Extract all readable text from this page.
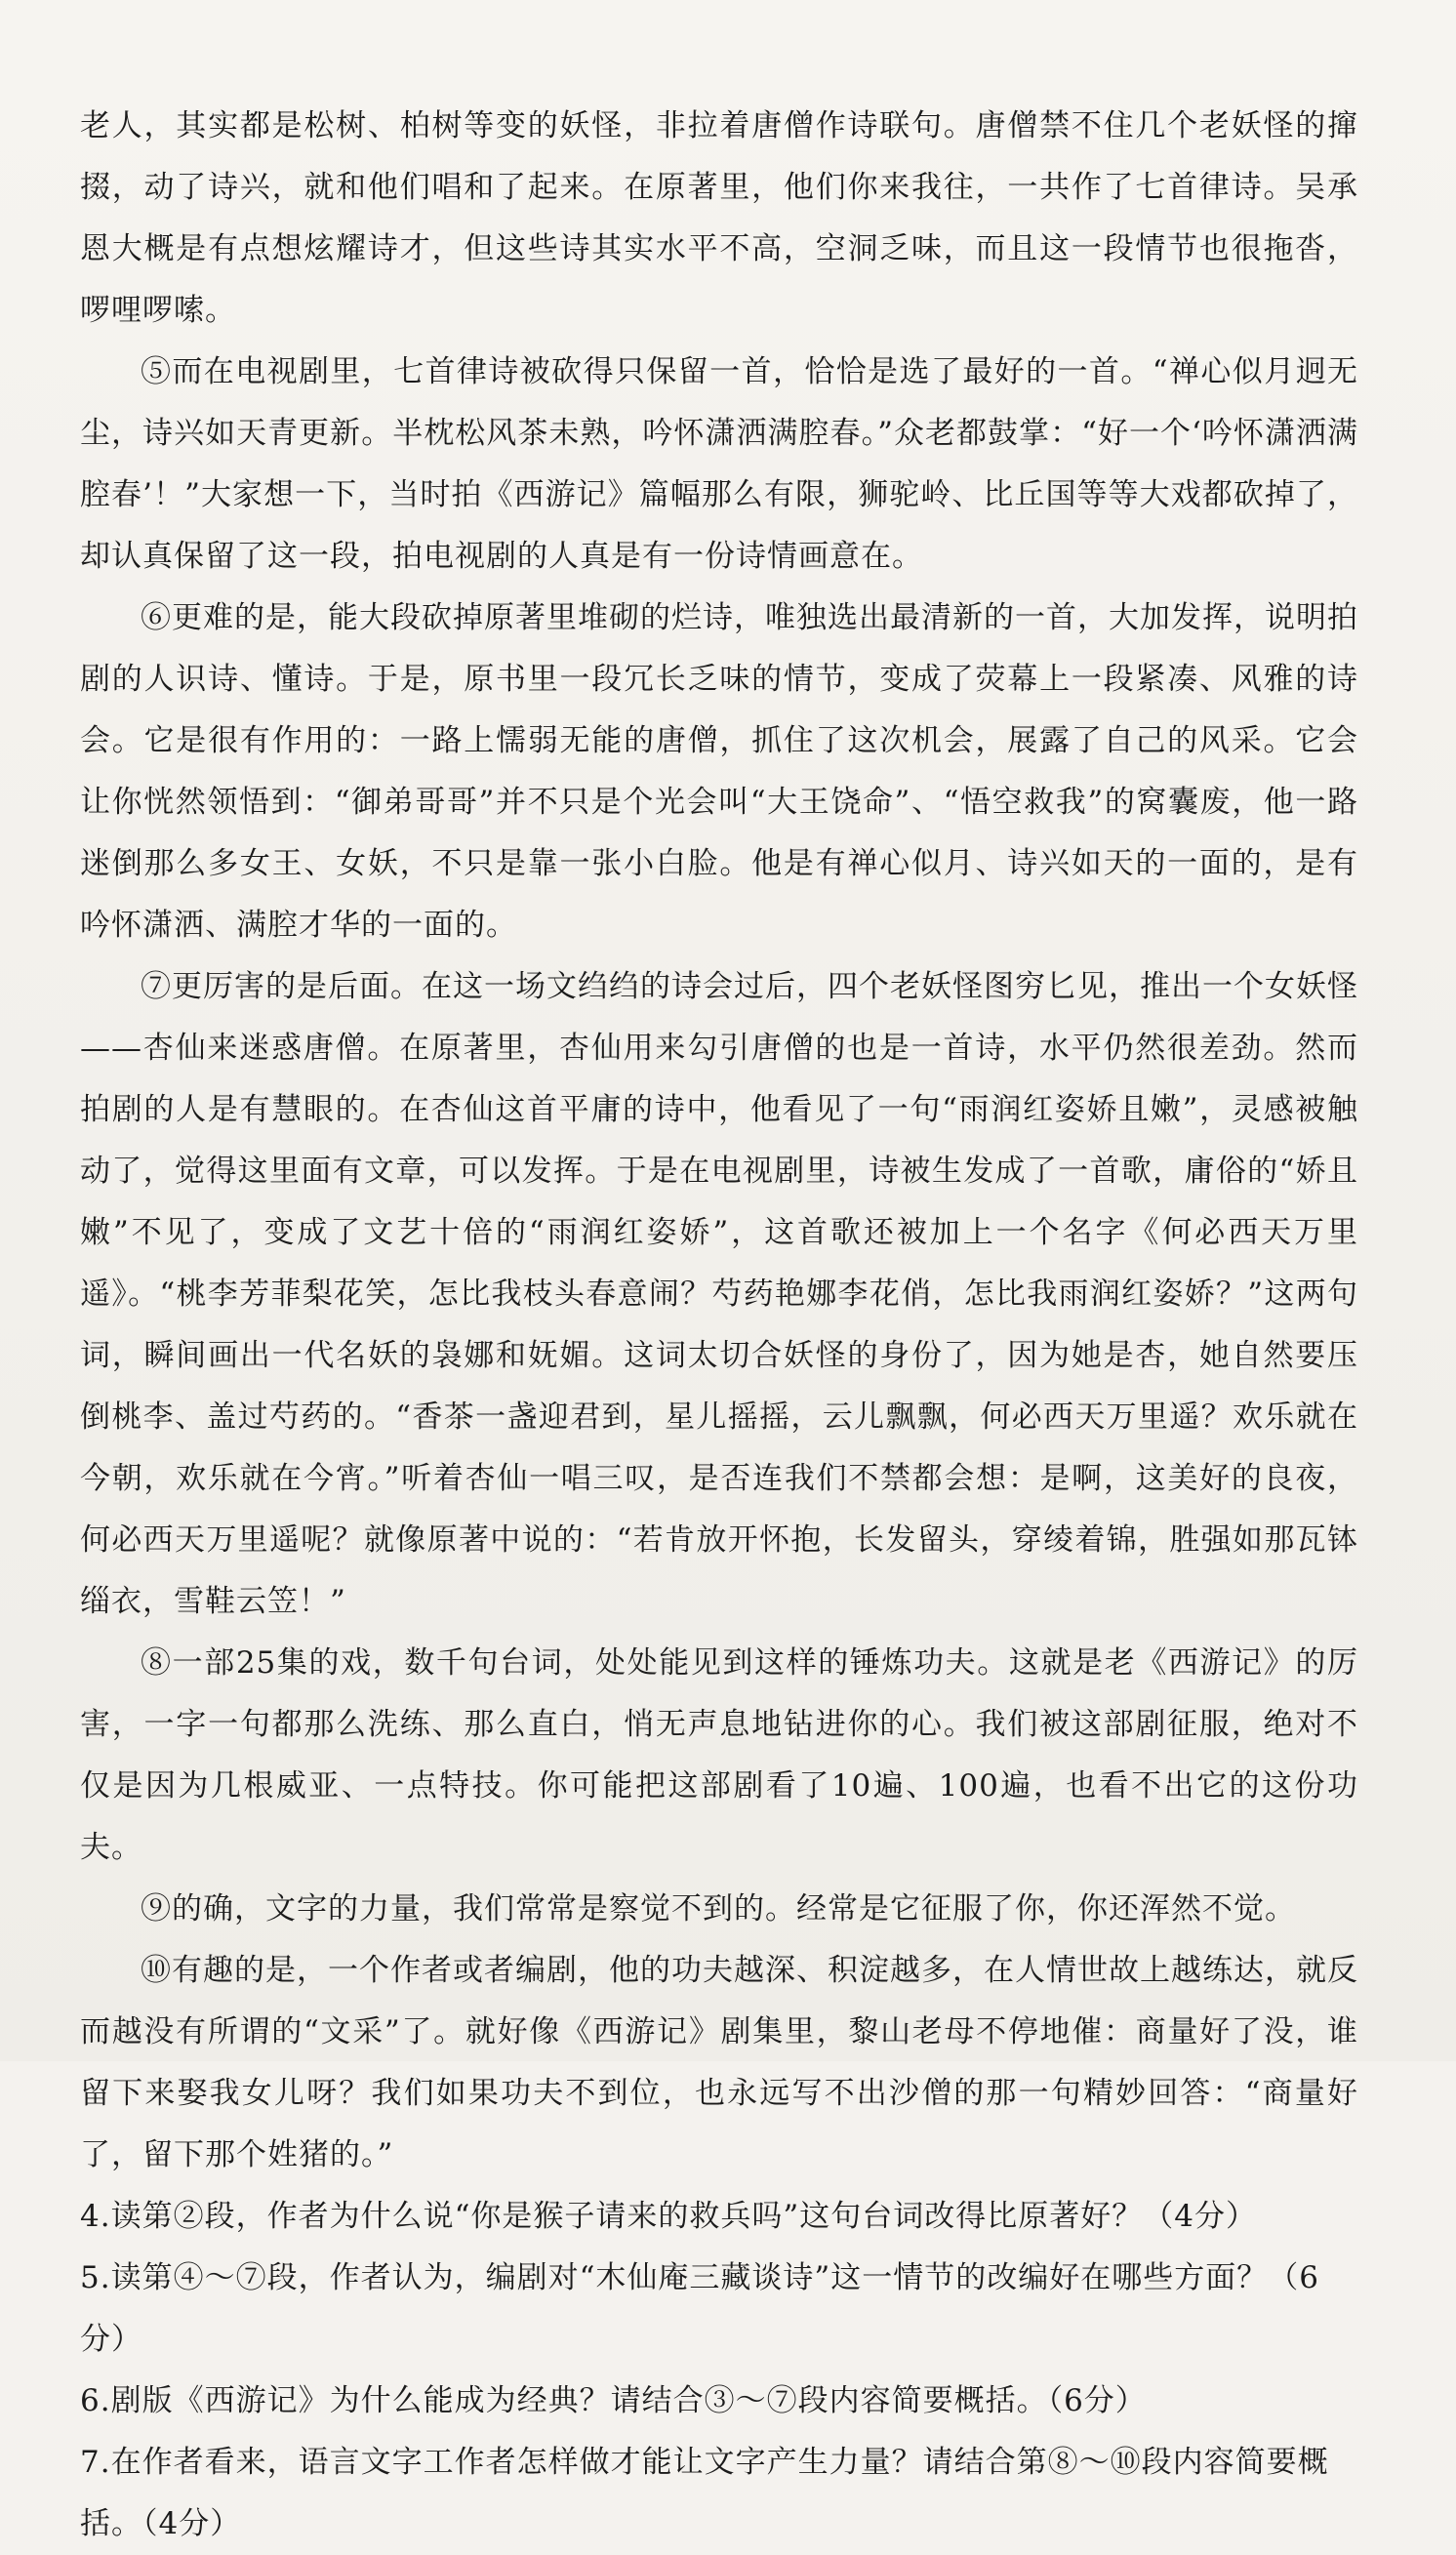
老人，其实都是松树、柏树等变的妖怪，非拉着唐僧作诗联句。唐僧禁不住几个老妖怪的撺掇，动了诗兴，就和他们唱和了起来。在原著里，他们你来我往，一共作了七首律诗。吴承恩大概是有点想炫耀诗才，但这些诗其实水平不高，空洞乏味，而且这一段情节也很拖沓，啰哩啰嗦。

⑤而在电视剧里，七首律诗被砍得只保留一首，恰恰是选了最好的一首。“禅心似月迥无尘，诗兴如天青更新。半枕松风茶未熟，吟怀潇洒满腔春。”众老都鼓掌：“好一个‘吟怀潇洒满腔春’！”大家想一下，当时拍《西游记》篇幅那么有限，狮驼岭、比丘国等等大戏都砍掉了，却认真保留了这一段，拍电视剧的人真是有一份诗情画意在。

⑥更难的是，能大段砍掉原著里堆砌的烂诗，唯独选出最清新的一首，大加发挥，说明拍剧的人识诗、懂诗。于是，原书里一段冗长乏味的情节，变成了荧幕上一段紧凑、风雅的诗会。它是很有作用的：一路上懦弱无能的唐僧，抓住了这次机会，展露了自己的风采。它会让你恍然领悟到：“御弟哥哥”并不只是个光会叫“大王饶命”、“悟空救我”的窝囊废，他一路迷倒那么多女王、女妖，不只是靠一张小白脸。他是有禅心似月、诗兴如天的一面的，是有吟怀潇洒、满腔才华的一面的。

⑦更厉害的是后面。在这一场文绉绉的诗会过后，四个老妖怪图穷匕见，推出一个女妖怪——杏仙来迷惑唐僧。在原著里，杏仙用来勾引唐僧的也是一首诗，水平仍然很差劲。然而拍剧的人是有慧眼的。在杏仙这首平庸的诗中，他看见了一句“雨润红姿娇且嫩”，灵感被触动了，觉得这里面有文章，可以发挥。于是在电视剧里，诗被生发成了一首歌，庸俗的“娇且嫩”不见了，变成了文艺十倍的“雨润红姿娇”，这首歌还被加上一个名字《何必西天万里遥》。“桃李芳菲梨花笑，怎比我枝头春意闹？芍药艳娜李花俏，怎比我雨润红姿娇？”这两句词，瞬间画出一代名妖的袅娜和妩媚。这词太切合妖怪的身份了，因为她是杏，她自然要压倒桃李、盖过芍药的。“香茶一盏迎君到，星儿摇摇，云儿飘飘，何必西天万里遥？欢乐就在今朝，欢乐就在今宵。”听着杏仙一唱三叹，是否连我们不禁都会想：是啊，这美好的良夜，何必西天万里遥呢？就像原著中说的：“若肯放开怀抱，长发留头，穿绫着锦，胜强如那瓦钵缁衣，雪鞋云笠！”

⑧一部25集的戏，数千句台词，处处能见到这样的锤炼功夫。这就是老《西游记》的厉害，一字一句都那么洗练、那么直白，悄无声息地钻进你的心。我们被这部剧征服，绝对不仅是因为几根威亚、一点特技。你可能把这部剧看了10遍、100遍，也看不出它的这份功夫。

⑨的确，文字的力量，我们常常是察觉不到的。经常是它征服了你，你还浑然不觉。

⑩有趣的是，一个作者或者编剧，他的功夫越深、积淀越多，在人情世故上越练达，就反而越没有所谓的“文采”了。就好像《西游记》剧集里，黎山老母不停地催：商量好了没，谁留下来娶我女儿呀？我们如果功夫不到位，也永远写不出沙僧的那一句精妙回答：“商量好了，留下那个姓猪的。”

4.读第②段，作者为什么说“你是猴子请来的救兵吗”这句台词改得比原著好？（4分）

5.读第④～⑦段，作者认为，编剧对“木仙庵三藏谈诗”这一情节的改编好在哪些方面？（6分）

6.剧版《西游记》为什么能成为经典？请结合③～⑦段内容简要概括。（6分）

7.在作者看来，语言文字工作者怎样做才能让文字产生力量？请结合第⑧～⑩段内容简要概括。（4分）
